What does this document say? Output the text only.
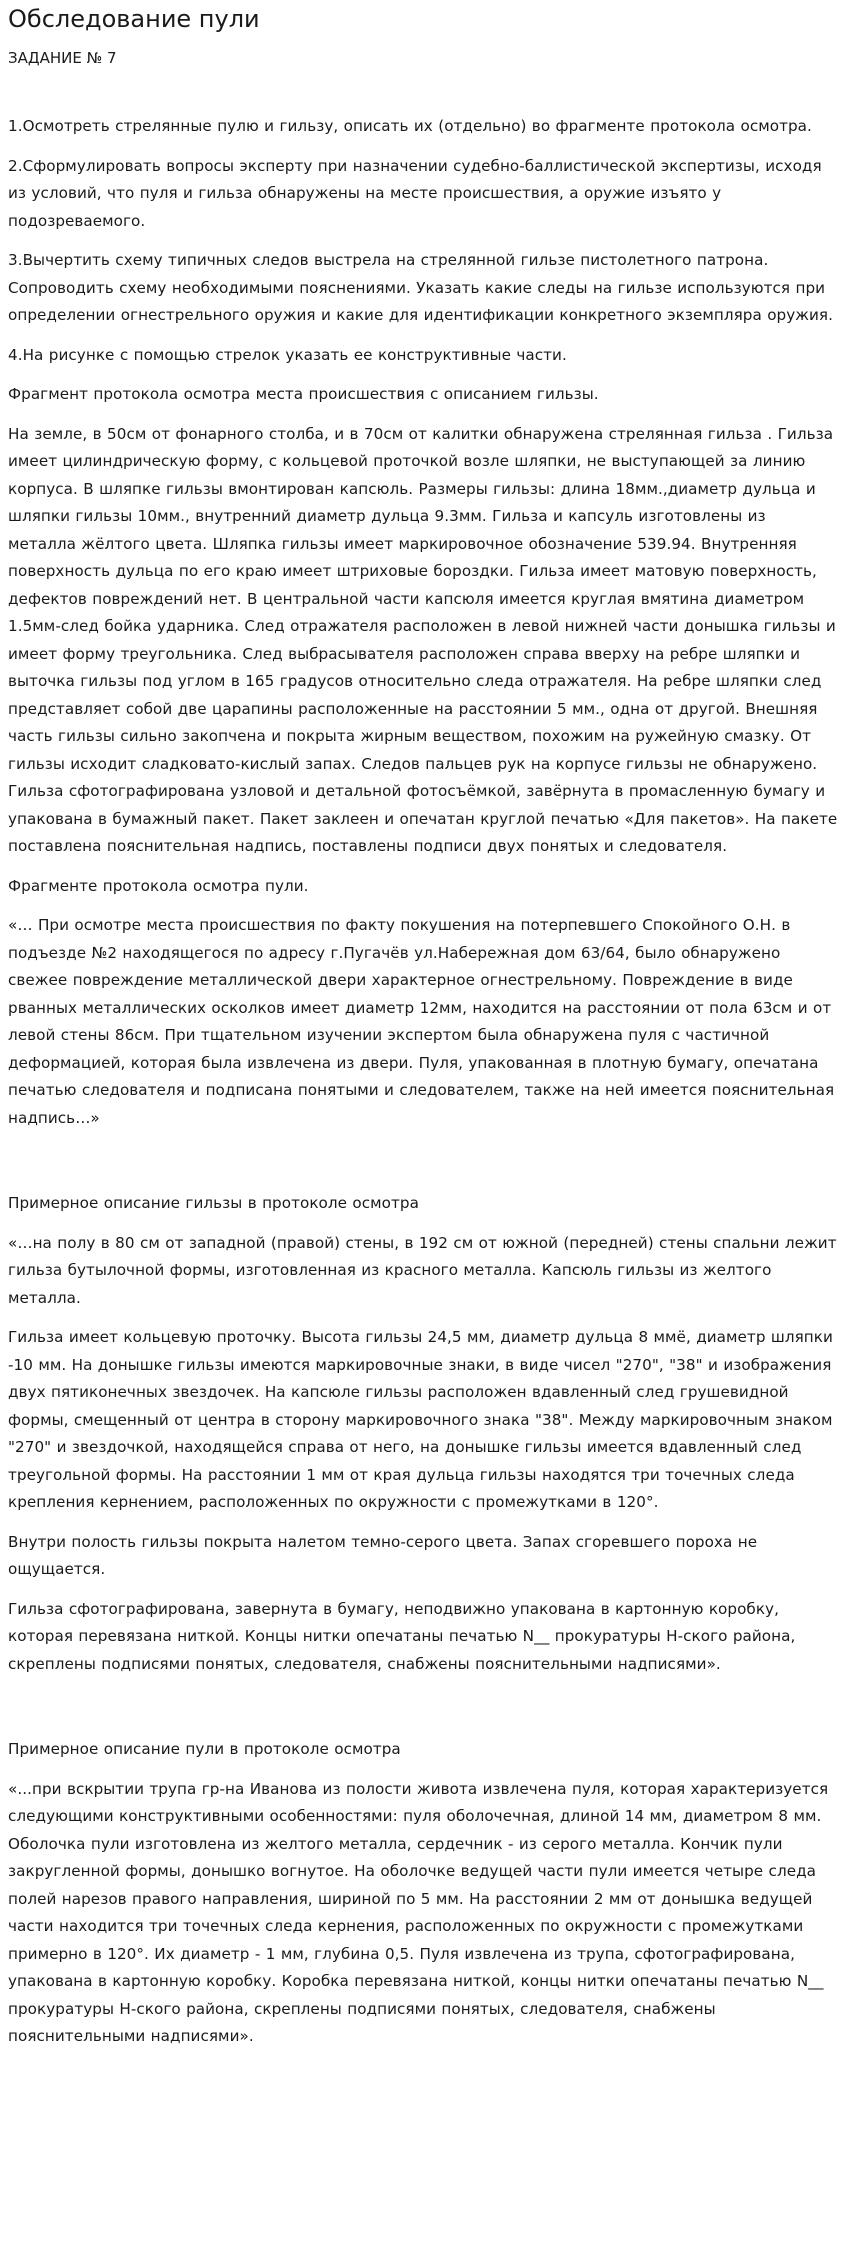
Обследование пули
ЗАДАНИЕ № 7

1.Осмотреть стрелянные пулю и гильзу, описать их (отдельно) во фрагменте протокола осмотра.

2.Сформулировать вопросы эксперту при назначении судебно-баллистической экспертизы, исходя из условий, что пуля и гильза обнаружены на месте происшествия, а оружие изъято у подозреваемого.

3.Вычертить схему типичных следов выстрела на стрелянной гильзе пистолетного патрона. Сопроводить схему необходимыми пояснениями. Указать какие следы на гильзе используются при определении огнестрельного оружия и какие для идентификации конкретного экземпляра оружия.

4.На рисунке с помощью стрелок указать ее конструктивные части.

Фрагмент протокола осмотра места происшествия с описанием гильзы.

На земле, в 50см от фонарного столба, и в 70см от калитки обнаружена стрелянная гильза . Гильза имеет цилиндрическую форму, с кольцевой проточкой возле шляпки, не выступающей за линию корпуса. В шляпке гильзы вмонтирован капсюль. Размеры гильзы: длина 18мм.,диаметр дульца и шляпки гильзы 10мм., внутренний диаметр дульца 9.3мм. Гильза и капсуль изготовлены из металла жёлтого цвета. Шляпка гильзы имеет маркировочное обозначение 539.94. Внутренняя поверхность дульца по его краю имеет штриховые бороздки. Гильза имеет матовую поверхность, дефектов повреждений нет. В центральной части капсюля имеется круглая вмятина диаметром 1.5мм-след бойка ударника. След отражателя расположен в левой нижней части донышка гильзы и имеет форму треугольника. След выбрасывателя расположен справа вверху на ребре шляпки и выточка гильзы под углом в 165 градусов относительно следа отражателя. На ребре шляпки след представляет собой две царапины расположенные на расстоянии 5 мм., одна от другой. Внешняя часть гильзы сильно закопчена и покрыта жирным веществом, похожим на ружейную смазку. От гильзы исходит сладковато-кислый запах. Следов пальцев рук на корпусе гильзы не обнаружено. Гильза сфотографирована узловой и детальной фотосъёмкой, завёрнута в промасленную бумагу и упакована в бумажный пакет. Пакет заклеен и опечатан круглой печатью «Для пакетов». На пакете поставлена пояснительная надпись, поставлены подписи двух понятых и следователя.

Фрагменте протокола осмотра пули.

«… При осмотре места происшествия по факту покушения на потерпевшего Спокойного О.Н. в подъезде №2 находящегося по адресу г.Пугачёв ул.Набережная дом 63/64, было обнаружено свежее повреждение металлической двери характерное огнестрельному. Повреждение в виде рванных металлических осколков имеет диаметр 12мм, находится на расстоянии от пола 63см и от левой стены 86см. При тщательном изучении экспертом была обнаружена пуля с частичной деформацией, которая была извлечена из двери. Пуля, упакованная в плотную бумагу, опечатана печатью следователя и подписана понятыми и следователем, также на ней имеется пояснительная надпись…»

Примерное описание гильзы в протоколе осмотра

«…на полу в 80 см от западной (правой) стены, в 192 см от южной (передней) стены спальни лежит гильза бутылочной формы, изготовленная из красного металла. Капсюль гильзы из желтого металла.

Гильза имеет кольцевую проточку. Высота гильзы 24,5 мм, диаметр дульца 8 ммё, диаметр шляпки -10 мм. На донышке гильзы имеются маркировочные знаки, в виде чисел "270", "38" и изображения двух пятиконечных звездочек. На капсюле гильзы расположен вдавленный след грушевидной формы, смещенный от центра в сторону маркировочного знака "38". Между маркировочным знаком "270" и звездочкой, находящейся справа от него, на донышке гильзы имеется вдавленный след треугольной формы. На расстоянии 1 мм от края дульца гильзы находятся три точечных следа крепления кернением, расположенных по окружности с промежутками в 120°.

Внутри полость гильзы покрыта налетом темно-серого цвета. Запах сгоревшего пороха не ощущается.

Гильза сфотографирована, завернута в бумагу, неподвижно упакована в картонную коробку, которая перевязана ниткой. Концы нитки опечатаны печатью N__ прокуратуры Н-ского района, скреплены подписями понятых, следователя, снабжены пояснительными надписями».

Примерное описание пули в протоколе осмотра

«...при вскрытии трупа гр-на Иванова из полости живота извлечена пуля, которая характеризуется следующими конструктивными особенностями: пуля оболочечная, длиной 14 мм, диаметром 8 мм. Оболочка пули изготовлена из желтого металла, сердечник - из серого металла. Кончик пули закругленной формы, донышко вогнутое. На оболочке ведущей части пули имеется четыре следа полей нарезов правого направления, шириной по 5 мм. На расстоянии 2 мм от донышка ведущей части находится три точечных следа кернения, расположенных по окружности с промежутками примерно в 120°. Их диаметр - 1 мм, глубина 0,5. Пуля извлечена из трупа, сфотографирована, упакована в картонную коробку. Коробка перевязана ниткой, концы нитки опечатаны печатью N__ прокуратуры Н-ского района, скреплены подписями понятых, следователя, снабжены пояснительными надписями».
